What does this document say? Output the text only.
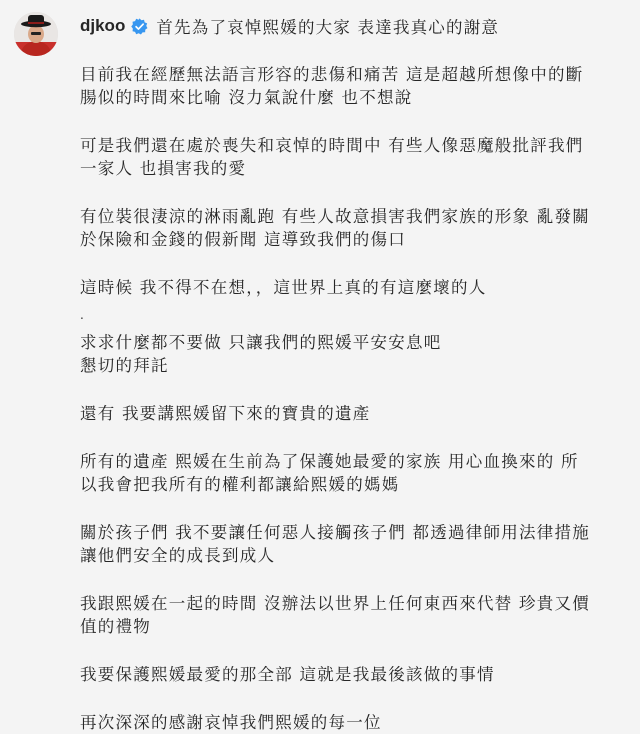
djkoo 首先為了哀悼熙媛的大家 表達我真心的謝意

目前我在經歷無法語言形容的悲傷和痛苦 這是超越所想像中的斷
腸似的時間來比喻 沒力氣說什麼 也不想說

可是我們還在處於喪失和哀悼的時間中 有些人像惡魔般批評我們
一家人 也損害我的愛

有位裝很淒涼的淋雨亂跑 有些人故意損害我們家族的形象 亂發關
於保險和金錢的假新聞 這導致我們的傷口

這時候 我不得不在想，，這世界上真的有這麼壞的人

.

求求什麼都不要做 只讓我們的熙媛平安安息吧
懇切的拜託

還有 我要講熙媛留下來的寶貴的遺產

所有的遺產 熙媛在生前為了保護她最愛的家族 用心血換來的 所
以我會把我所有的權利都讓給熙媛的媽媽

關於孩子們 我不要讓任何惡人接觸孩子們 都透過律師用法律措施
讓他們安全的成長到成人

我跟熙媛在一起的時間 沒辦法以世界上任何東西來代替 珍貴又價
值的禮物

我要保護熙媛最愛的那全部 這就是我最後該做的事情

再次深深的感謝哀悼我們熙媛的每一位
